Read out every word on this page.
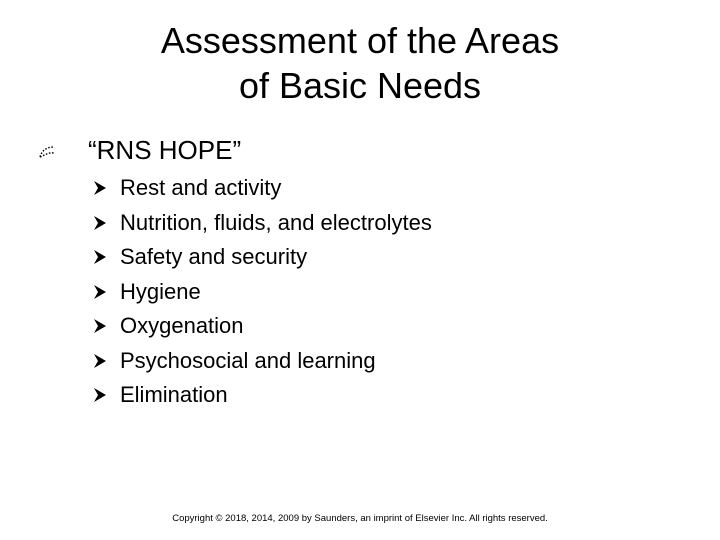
Assessment of the Areas
of Basic Needs
“RNS HOPE”
Rest and activity
Nutrition, fluids, and electrolytes
Safety and security
Hygiene
Oxygenation
Psychosocial and learning
Elimination
Copyright © 2018, 2014, 2009 by Saunders, an imprint of Elsevier Inc. All rights reserved.
